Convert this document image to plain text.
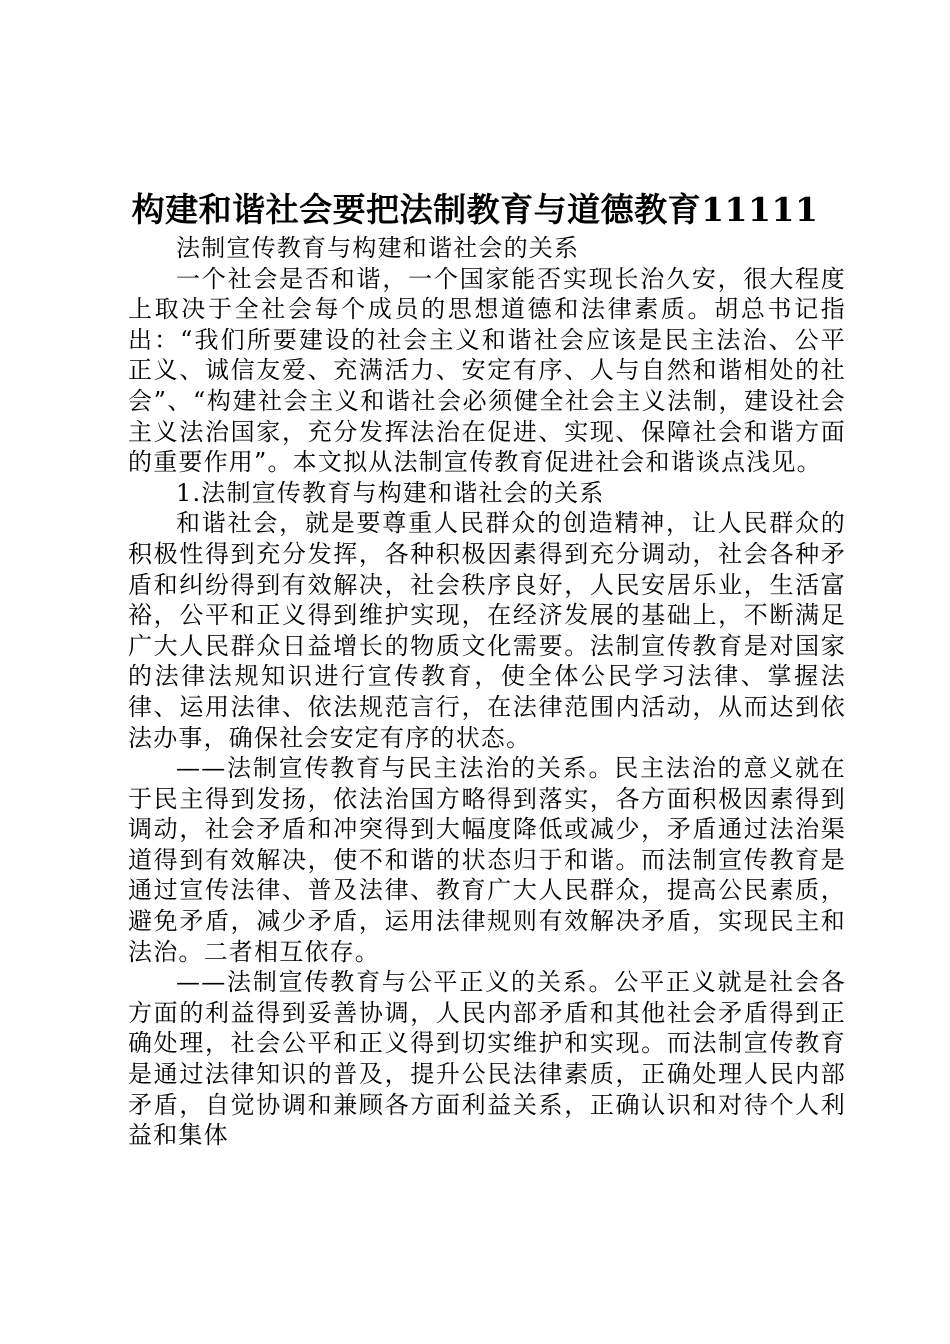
构建和谐社会要把法制教育与道德教育11111

法制宣传教育与构建和谐社会的关系

一个社会是否和谐，一个国家能否实现长治久安，很大程度上取决于全社会每个成员的思想道德和法律素质。胡总书记指出：“我们所要建设的社会主义和谐社会应该是民主法治、公平正义、诚信友爱、充满活力、安定有序、人与自然和谐相处的社会”、“构建社会主义和谐社会必须健全社会主义法制，建设社会主义法治国家，充分发挥法治在促进、实现、保障社会和谐方面的重要作用”。本文拟从法制宣传教育促进社会和谐谈点浅见。

1.法制宣传教育与构建和谐社会的关系

和谐社会，就是要尊重人民群众的创造精神，让人民群众的积极性得到充分发挥，各种积极因素得到充分调动，社会各种矛盾和纠纷得到有效解决，社会秩序良好，人民安居乐业，生活富裕，公平和正义得到维护实现，在经济发展的基础上，不断满足广大人民群众日益增长的物质文化需要。法制宣传教育是对国家的法律法规知识进行宣传教育，使全体公民学习法律、掌握法律、运用法律、依法规范言行，在法律范围内活动，从而达到依法办事，确保社会安定有序的状态。

——法制宣传教育与民主法治的关系。民主法治的意义就在于民主得到发扬，依法治国方略得到落实，各方面积极因素得到调动，社会矛盾和冲突得到大幅度降低或减少，矛盾通过法治渠道得到有效解决，使不和谐的状态归于和谐。而法制宣传教育是通过宣传法律、普及法律、教育广大人民群众，提高公民素质，避免矛盾，减少矛盾，运用法律规则有效解决矛盾，实现民主和法治。二者相互依存。

——法制宣传教育与公平正义的关系。公平正义就是社会各方面的利益得到妥善协调，人民内部矛盾和其他社会矛盾得到正确处理，社会公平和正义得到切实维护和实现。而法制宣传教育是通过法律知识的普及，提升公民法律素质，正确处理人民内部矛盾，自觉协调和兼顾各方面利益关系，正确认识和对待个人利益和集体
